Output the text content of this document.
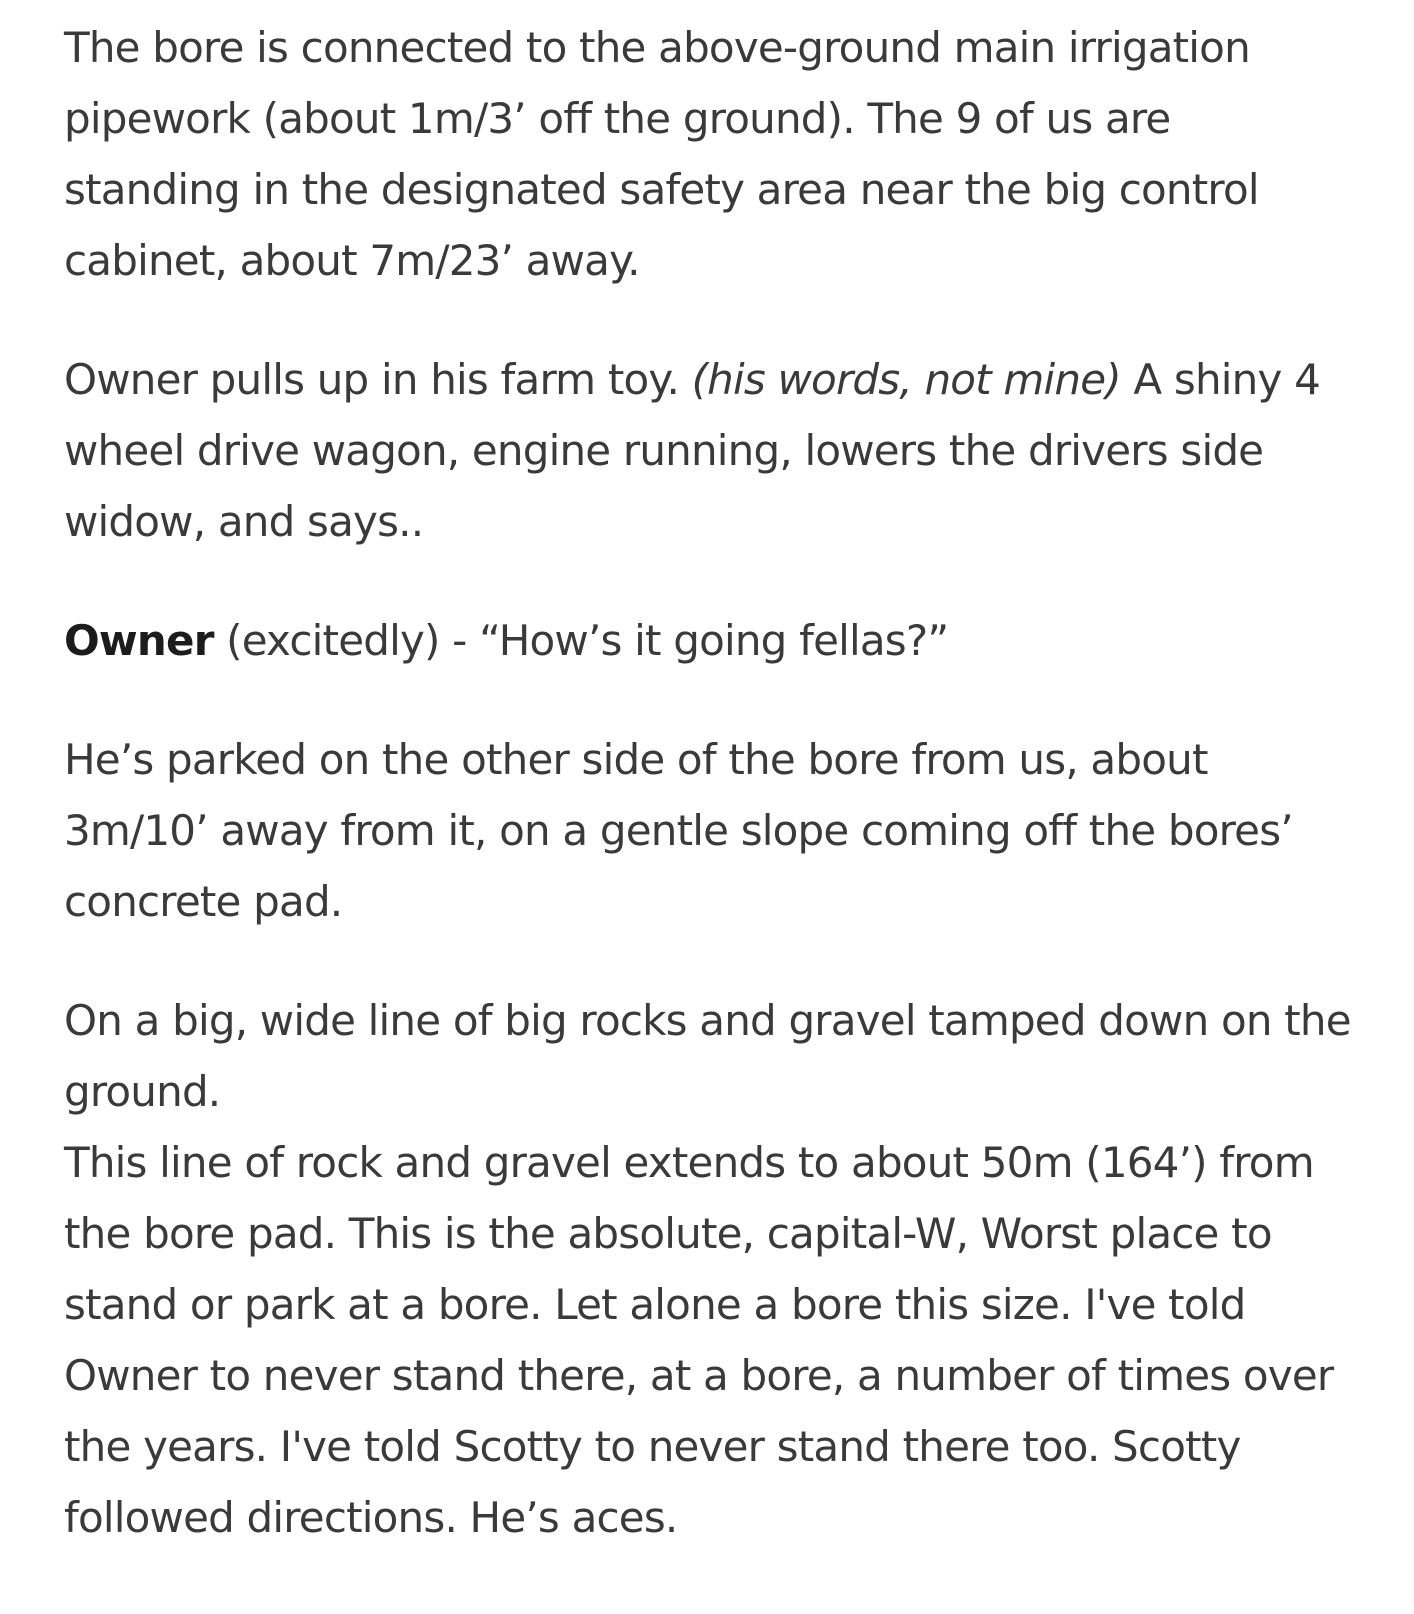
The bore is connected to the above-ground main irrigation pipework (about 1m/3’ off the ground). The 9 of us are standing in the designated safety area near the big control cabinet, about 7m/23’ away.

Owner pulls up in his farm toy. (his words, not mine) A shiny 4 wheel drive wagon, engine running, lowers the drivers side widow, and says..

Owner (excitedly) - “How’s it going fellas?”

He’s parked on the other side of the bore from us, about 3m/10’ away from it, on a gentle slope coming off the bores’ concrete pad.

On a big, wide line of big rocks and gravel tamped down on the ground.
This line of rock and gravel extends to about 50m (164’) from the bore pad. This is the absolute, capital-W, Worst place to stand or park at a bore. Let alone a bore this size. I've told Owner to never stand there, at a bore, a number of times over the years. I've told Scotty to never stand there too. Scotty followed directions. He’s aces.
